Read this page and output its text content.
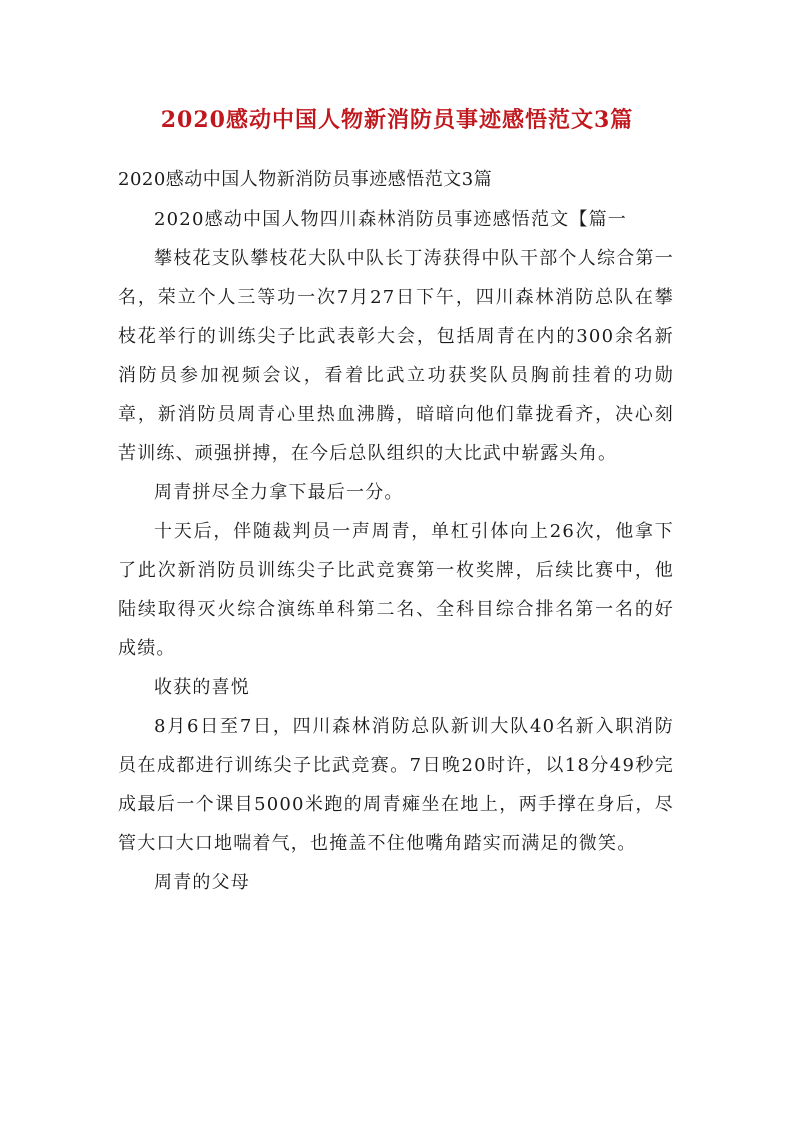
2020感动中国人物新消防员事迹感悟范文3篇
2020感动中国人物新消防员事迹感悟范文3篇

2020感动中国人物四川森林消防员事迹感悟范文【篇一

攀枝花支队攀枝花大队中队长丁涛获得中队干部个人综合第一名，荣立个人三等功一次7月27日下午，四川森林消防总队在攀枝花举行的训练尖子比武表彰大会，包括周青在内的300余名新消防员参加视频会议，看着比武立功获奖队员胸前挂着的功勋章，新消防员周青心里热血沸腾，暗暗向他们靠拢看齐，决心刻苦训练、顽强拼搏，在今后总队组织的大比武中崭露头角。

周青拼尽全力拿下最后一分。

十天后，伴随裁判员一声周青，单杠引体向上26次，他拿下了此次新消防员训练尖子比武竞赛第一枚奖牌，后续比赛中，他陆续取得灭火综合演练单科第二名、全科目综合排名第一名的好成绩。

收获的喜悦

8月6日至7日，四川森林消防总队新训大队40名新入职消防员在成都进行训练尖子比武竞赛。7日晚20时许，以18分49秒完成最后一个课目5000米跑的周青瘫坐在地上，两手撑在身后，尽管大口大口地喘着气，也掩盖不住他嘴角踏实而满足的微笑。

周青的父母
